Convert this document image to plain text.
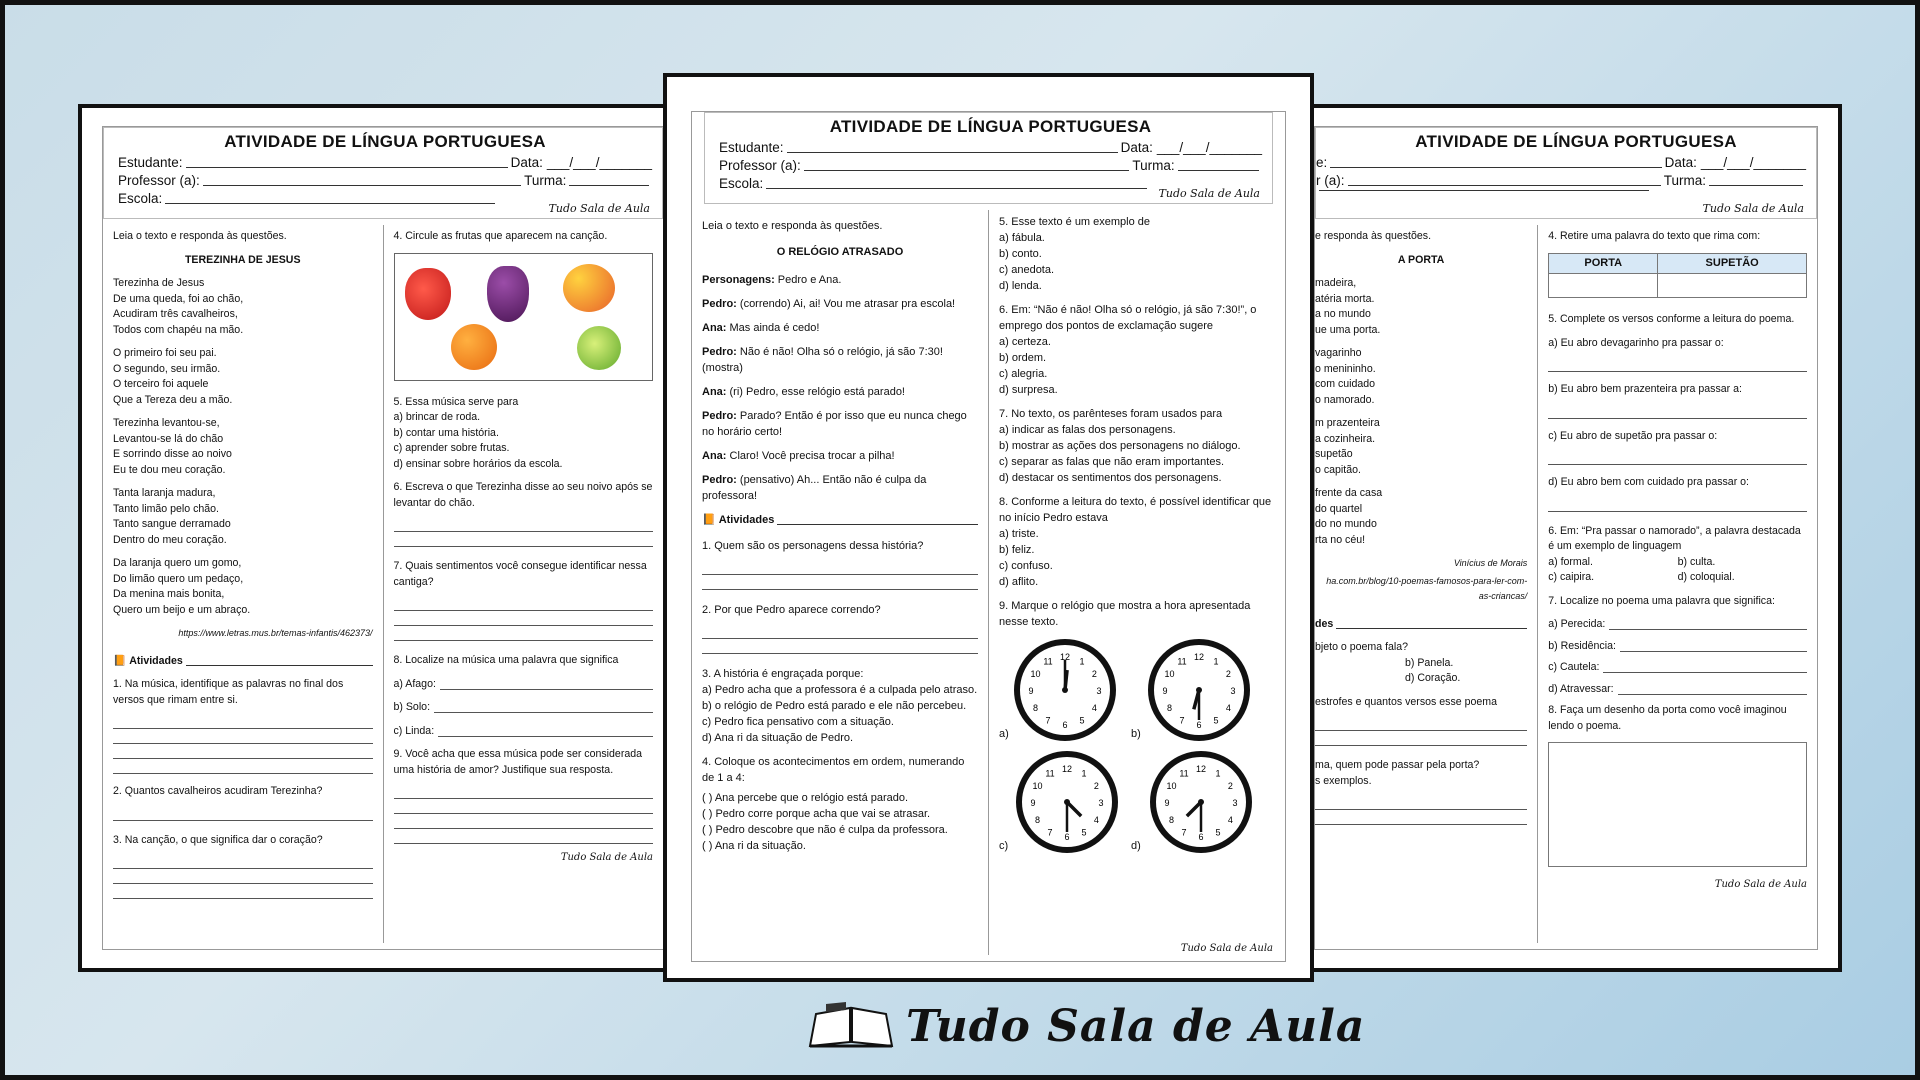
ATIVIDADE DE LÍNGUA PORTUGUESA
Estudante:	Data: ___/___/_______
Professor (a):	Turma:
Escola:
Tudo Sala de Aula

Leia o texto e responda às questões.

TEREZINHA DE JESUS

Terezinha de Jesus
De uma queda, foi ao chão,
Acudiram três cavalheiros,
Todos com chapéu na mão.

O primeiro foi seu pai.
O segundo, seu irmão.
O terceiro foi aquele
Que a Tereza deu a mão.

Terezinha levantou-se,
Levantou-se lá do chão
E sorrindo disse ao noivo
Eu te dou meu coração.

Tanta laranja madura,
Tanto limão pelo chão.
Tanto sangue derramado
Dentro do meu coração.

Da laranja quero um gomo,
Do limão quero um pedaço,
Da menina mais bonita,
Quero um beijo e um abraço.

https://www.letras.mus.br/temas-infantis/462373/
📙 Atividades

1. Na música, identifique as palavras no final dos versos que rimam entre si.

2. Quantos cavalheiros acudiram Terezinha?

3. Na canção, o que significa dar o coração?

4. Circule as frutas que aparecem na canção.

5. Essa música serve para

a) brincar de roda.
b) contar uma história.
c) aprender sobre frutas.
d) ensinar sobre horários da escola.

6. Escreva o que Terezinha disse ao seu noivo após se levantar do chão.

7. Quais sentimentos você consegue identificar nessa cantiga?

8. Localize na música uma palavra que significa

a) Afago:

b) Solo:

c) Linda:

9. Você acha que essa música pode ser considerada uma história de amor? Justifique sua resposta.

Tudo Sala de Aula
ATIVIDADE DE LÍNGUA PORTUGUESA
e:	Data: ___/___/_______
r (a):	Turma:
Tudo Sala de Aula

e responda às questões.

A PORTA

madeira,
atéria morta.
a no mundo
ue uma porta.

vagarinho
o menininho.
com cuidado
o namorado.

m prazenteira
a cozinheira.
supetão
o capitão.

frente da casa
do quartel
do no mundo
rta no céu!

Vinícius de Morais
ha.com.br/blog/10-poemas-famosos-para-ler-com-as-criancas/
des

bjeto o poema fala?

b) Panela.
d) Coração.

estrofes e quantos versos esse poema

ma, quem pode passar pela porta?

s exemplos.

4. Retire uma palavra do texto que rima com:

PORTA	SUPETÃO

5. Complete os versos conforme a leitura do poema.

a) Eu abro devagarinho pra passar o:

b) Eu abro bem prazenteira pra passar a:

c) Eu abro de supetão pra passar o:

d) Eu abro bem com cuidado pra passar o:

6. Em: “Pra passar o namorado”, a palavra destacada é um exemplo de linguagem

a) formal.	b) culta.
c) caipira.	d) coloquial.

7. Localize no poema uma palavra que significa:

a) Perecida:

b) Residência:

c) Cautela:

d) Atravessar:

8. Faça um desenho da porta como você imaginou lendo o poema.

Tudo Sala de Aula
ATIVIDADE DE LÍNGUA PORTUGUESA
Estudante:	Data: ___/___/_______
Professor (a):	Turma:
Escola:
Tudo Sala de Aula

Leia o texto e responda às questões.

O RELÓGIO ATRASADO

Personagens: Pedro e Ana.

Pedro: (correndo) Ai, ai! Vou me atrasar pra escola!

Ana: Mas ainda é cedo!

Pedro: Não é não! Olha só o relógio, já são 7:30! (mostra)

Ana: (ri) Pedro, esse relógio está parado!

Pedro: Parado? Então é por isso que eu nunca chego no horário certo!

Ana: Claro! Você precisa trocar a pilha!

Pedro: (pensativo) Ah... Então não é culpa da professora!

📙 Atividades

1. Quem são os personagens dessa história?

2. Por que Pedro aparece correndo?

3. A história é engraçada porque:

a) Pedro acha que a professora é a culpada pelo atraso.
b) o relógio de Pedro está parado e ele não percebeu.
c) Pedro fica pensativo com a situação.
d) Ana ri da situação de Pedro.

4. Coloque os acontecimentos em ordem, numerando de 1 a 4:

( ) Ana percebe que o relógio está parado.
( ) Pedro corre porque acha que vai se atrasar.
( ) Pedro descobre que não é culpa da professora.
( ) Ana ri da situação.

5. Esse texto é um exemplo de

a) fábula.
b) conto.
c) anedota.
d) lenda.

6. Em: “Não é não! Olha só o relógio, já são 7:30!”, o emprego dos pontos de exclamação sugere

a) certeza.
b) ordem.
c) alegria.
d) surpresa.

7. No texto, os parênteses foram usados para

a) indicar as falas dos personagens.
b) mostrar as ações dos personagens no diálogo.
c) separar as falas que não eram importantes.
d) destacar os sentimentos dos personagens.

8. Conforme a leitura do texto, é possível identificar que no início Pedro estava

a) triste.
b) feliz.
c) confuso.
d) aflito.

9. Marque o relógio que mostra a hora apresentada nesse texto.

a)	b)
c)	d)
1
2
3
4
5
6
7
8
9
10
11 12	1
2
3
4
5
6
7
8
9
10
11 12
1
2
3
4
5
6
7
8
9
10
11 12	1
2
3
4
5
6
7
8
9
10
11 12
Tudo Sala de Aula
Tudo Sala de Aula
